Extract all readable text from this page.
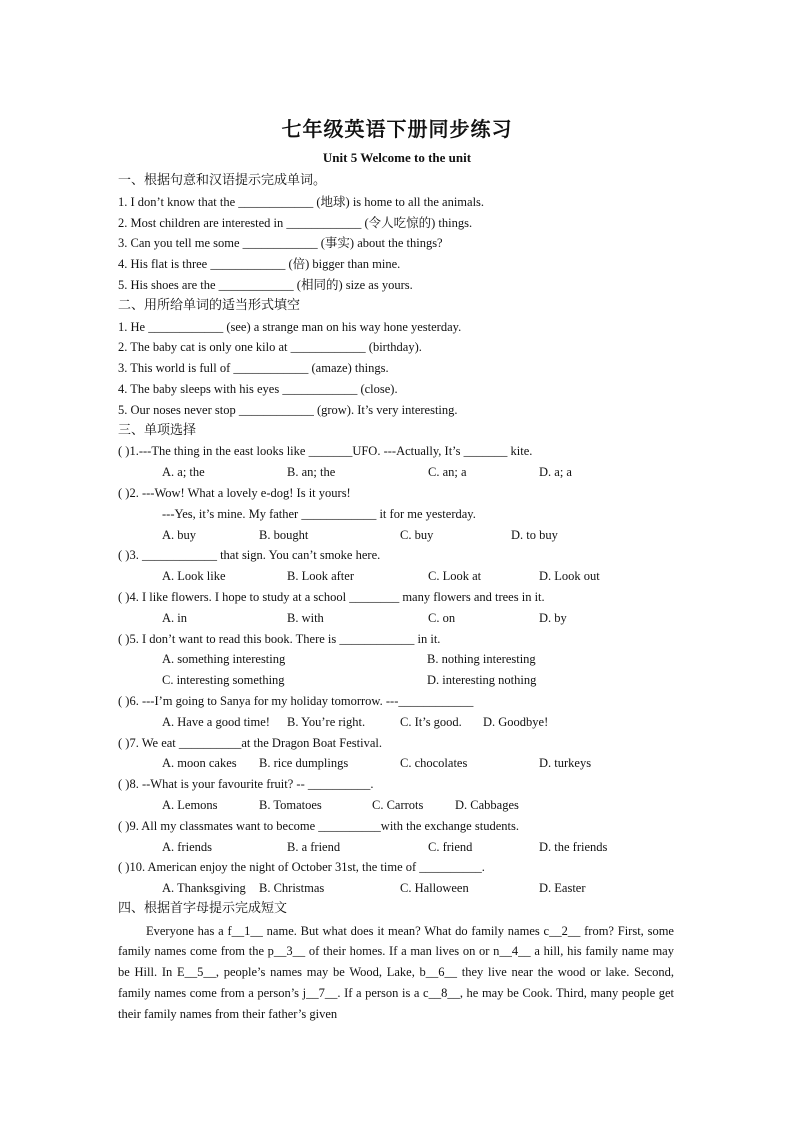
七年级英语下册同步练习
Unit 5 Welcome to the unit
一、根据句意和汉语提示完成单词。
1. I don’t know that the ____________ (地球) is home to all the animals.
2. Most children are interested in ____________ (令人吃惊的) things.
3. Can you tell me some ____________ (事实) about the things?
4. His flat is three ____________ (倍) bigger than mine.
5. His shoes are the ____________ (相同的) size as yours.
二、用所给单词的适当形式填空
1. He ____________ (see) a strange man on his way hone yesterday.
2. The baby cat is only one kilo at ____________ (birthday).
3. This world is full of ____________ (amaze) things.
4. The baby sleeps with his eyes ____________ (close).
5. Our noses never stop ____________ (grow). It’s very interesting.
三、单项选择
( )1.---The thing in the east looks like _______UFO. ---Actually, It’s _______ kite.
A. a; the	B. an; the	C. an; a	D. a; a
( )2. ---Wow! What a lovely e-dog! Is it yours!
---Yes, it’s mine. My father ____________ it for me yesterday.
A. buy	B. bought	C. buy	D. to buy
( )3. ____________ that sign. You can’t smoke here.
A. Look like	B. Look after	C. Look at	D. Look out
( )4. I like flowers. I hope to study at a school ________ many flowers and trees in it.
A. in	B. with	C. on	D. by
( )5. I don’t want to read this book. There is ____________ in it.
A. something interesting	B. nothing interesting
C. interesting something	D. interesting nothing
( )6. ---I’m going to Sanya for my holiday tomorrow. ---____________
A. Have a good time! B. You’re right.	C. It’s good. D. Goodbye!
( )7. We eat __________at the Dragon Boat Festival.
A. moon cakes B. rice dumplings	C. chocolates	D. turkeys
( )8. --What is your favourite fruit? -- __________.
A. Lemons	B. Tomatoes	C. Carrots	D. Cabbages
( )9. All my classmates want to become __________with the exchange students.
A. friends	B. a friend	C. friend	D. the friends
( )10. American enjoy the night of October 31st, the time of __________.
A. Thanksgiving B. Christmas	C. Halloween	D. Easter
四、根据首字母提示完成短文
Everyone has a f__1__ name. But what does it mean? What do family names c__2__ from? First, some family names come from the p__3__ of their homes. If a man lives on or n__4__ a hill, his family name may be Hill. In E__5__, people’s names may be Wood, Lake, b__6__ they live near the wood or lake. Second, family names come from a person’s j__7__. If a person is a c__8__, he may be Cook. Third, many people get their family names from their father’s given
